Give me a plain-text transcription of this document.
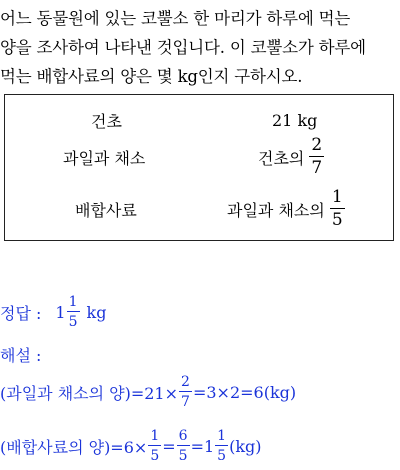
어느 동물원에 있는 코뿔소 한 마리가 하루에 먹는
양을 조사하여 나타낸 것입니다. 이 코뿔소가 하루에
먹는 배합사료의 양은 몇 kg인지 구하시오.
건초	21 kg
과일과 채소	건초의 $\frac{2}{7}$
배합사료	과일과 채소의 $\frac{1}{5}$
정답 : $1 \frac{1}{5}$ kg
해설 :
(과일과 채소의 양)$=21\times \frac{2}{7} =3\times 2=6(kg)$
(배합사료의 양)$=6\times \frac{1}{5} = \frac{6}{5} =1 \frac{1}{5} (kg)$
